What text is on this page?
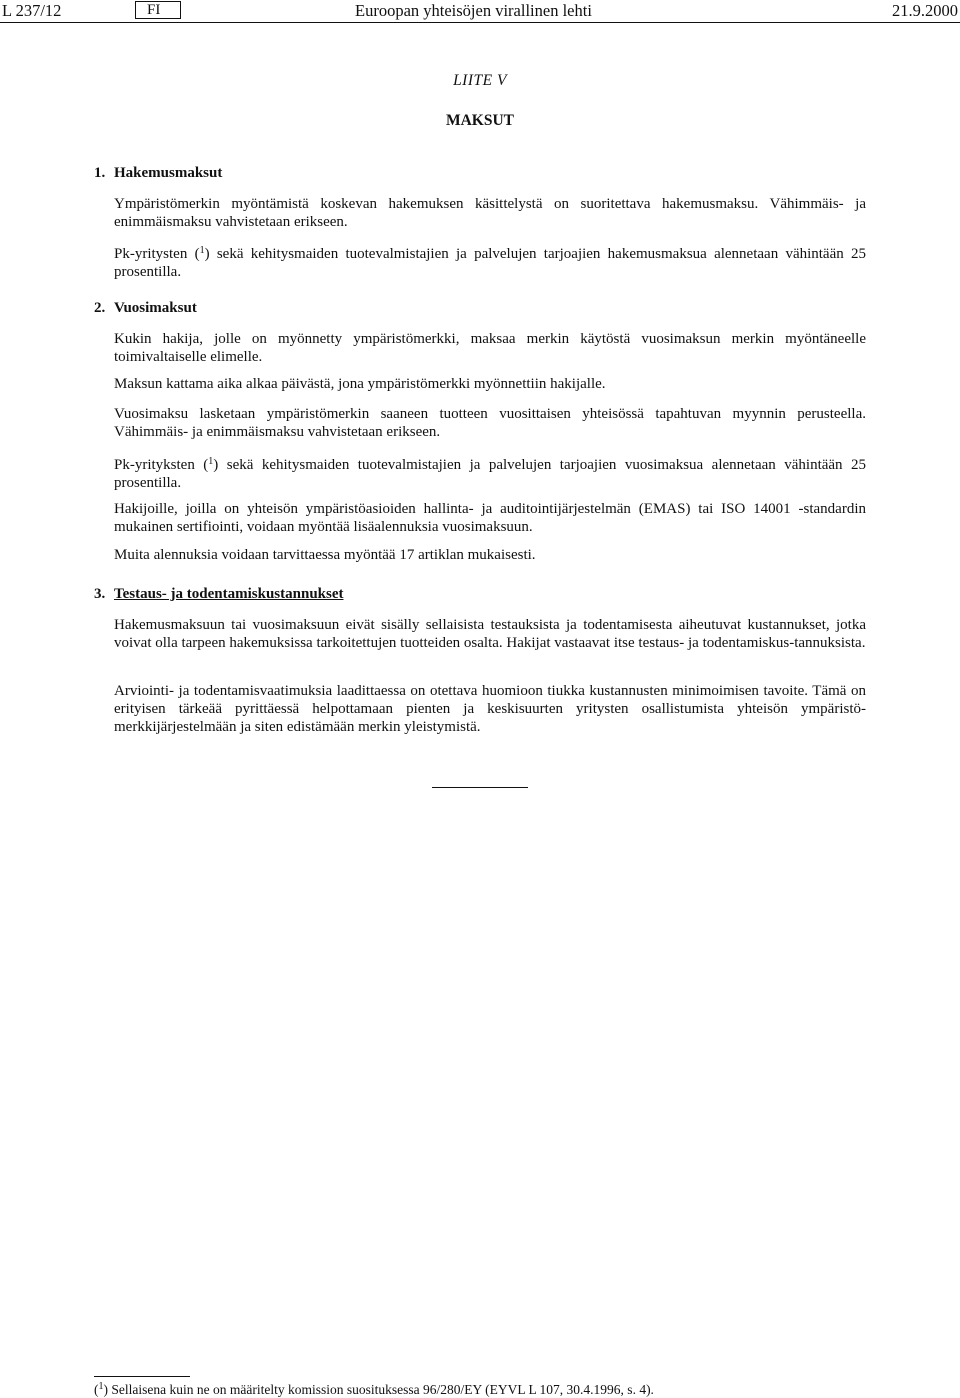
L 237/12	FI	Euroopan yhteisöjen virallinen lehti	21.9.2000
LIITE V
MAKSUT
1. Hakemusmaksut
Ympäristömerkin myöntämistä koskevan hakemuksen käsittelystä on suoritettava hakemusmaksu. Vähimmäis- ja enimmäismaksu vahvistetaan erikseen.
Pk-yritysten ($^1$) sekä kehitysmaiden tuotevalmistajien ja palvelujen tarjoajien hakemusmaksua alennetaan vähintään 25 prosentilla.
2. Vuosimaksut
Kukin hakija, jolle on myönnetty ympäristömerkki, maksaa merkin käytöstä vuosimaksun merkin myöntäneelle toimivaltaiselle elimelle.
Maksun kattama aika alkaa päivästä, jona ympäristömerkki myönnettiin hakijalle.
Vuosimaksu lasketaan ympäristömerkin saaneen tuotteen vuosittaisen yhteisössä tapahtuvan myynnin perusteella. Vähimmäis- ja enimmäismaksu vahvistetaan erikseen.
Pk-yrityksten ($^1$) sekä kehitysmaiden tuotevalmistajien ja palvelujen tarjoajien vuosimaksua alennetaan vähintään 25 prosentilla.
Hakijoille, joilla on yhteisön ympäristöasioiden hallinta- ja auditointijärjestelmän (EMAS) tai ISO 14001 -standardin mukainen sertifiointi, voidaan myöntää lisäalennuksia vuosimaksuun.
Muita alennuksia voidaan tarvittaessa myöntää 17 artiklan mukaisesti.
3. Testaus- ja todentamiskustannukset
Hakemusmaksuun tai vuosimaksuun eivät sisälly sellaisista testauksista ja todentamisesta aiheutuvat kustannukset, jotka voivat olla tarpeen hakemuksissa tarkoitettujen tuotteiden osalta. Hakijat vastaavat itse testaus- ja todentamiskus-tannuksista.
Arviointi- ja todentamisvaatimuksia laadittaessa on otettava huomioon tiukka kustannusten minimoimisen tavoite. Tämä on erityisen tärkeää pyrittäessä helpottamaan pienten ja keskisuurten yritysten osallistumista yhteisön ympäristö-merkkijärjestelmään ja siten edistämään merkin yleistymistä.
($^1$) Sellaisena kuin ne on määritelty komission suosituksessa 96/280/EY (EYVL L 107, 30.4.1996, s. 4).
